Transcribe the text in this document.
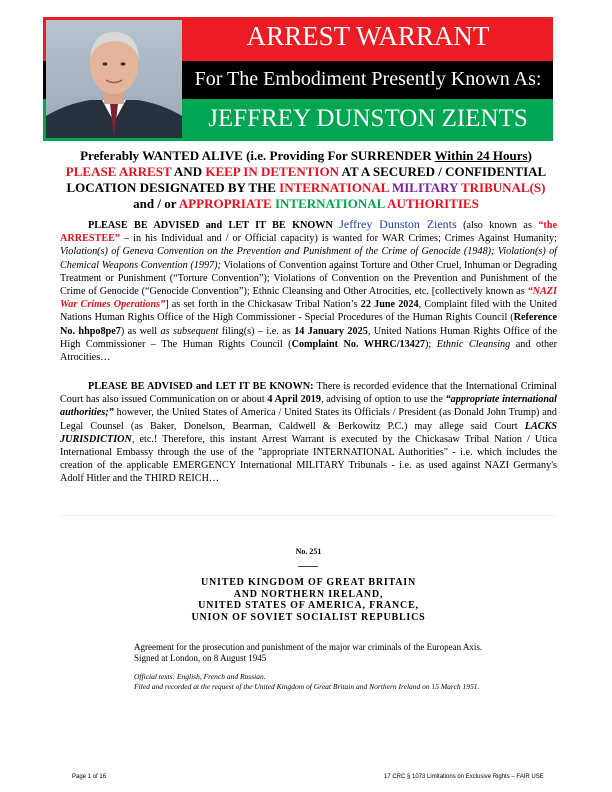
ARREST WARRANT
For The Embodiment Presently Known As:
JEFFREY DUNSTON ZIENTS
Preferably WANTED ALIVE (i.e. Providing For SURRENDER Within 24 Hours)
PLEASE ARREST AND KEEP IN DETENTION AT A SECURED / CONFIDENTIAL
LOCATION DESIGNATED BY THE INTERNATIONAL MILITARY TRIBUNAL(S)
and / or APPROPRIATE INTERNATIONAL AUTHORITIES
PLEASE BE ADVISED and LET IT BE KNOWN Jeffrey Dunston Zients (also known as “the ARRESTEE” – in his Individual and / or Official capacity) is wanted for WAR Crimes; Crimes Against Humanity; Violation(s) of Geneva Convention on the Prevention and Punishment of the Crime of Genocide (1948); Violation(s) of Chemical Weapons Convention (1997); Violations of Convention against Torture and Other Cruel, Inhuman or Degrading Treatment or Punishment (“Torture Convention”); Violations of Convention on the Prevention and Punishment of the Crime of Genocide (“Genocide Convention”); Ethnic Cleansing and Other Atrocities, etc. [collectively known as “NAZI War Crimes Operations”] as set forth in the Chickasaw Tribal Nation’s 22 June 2024, Complaint filed with the United Nations Human Rights Office of the High Commissioner - Special Procedures of the Human Rights Council (Reference No. hhpo8pe7) as well as subsequent filing(s) – i.e. as 14 January 2025, United Nations Human Rights Office of the High Commissioner – The Human Rights Council (Complaint No. WHRC/13427); Ethnic Cleansing and other Atrocities…
PLEASE BE ADVISED and LET IT BE KNOWN: There is recorded evidence that the International Criminal Court has also issued Communication on or about 4 April 2019, advising of option to use the “appropriate international authorities;” however, the United States of America / United States its Officials / President (as Donald John Trump) and Legal Counsel (as Baker, Donelson, Bearman, Caldwell & Berkowitz P.C.) may allege said Court LACKS JURISDICTION, etc.! Therefore, this instant Arrest Warrant is executed by the Chickasaw Tribal Nation / Utica International Embassy through the use of the "appropriate INTERNATIONAL Authorities" - i.e. which includes the creation of the applicable EMERGENCY International MILITARY Tribunals - i.e. as used against NAZI Germany's Adolf Hitler and the THIRD REICH…
No. 251
UNITED KINGDOM OF GREAT BRITAIN
AND NORTHERN IRELAND,
UNITED STATES OF AMERICA, FRANCE,
UNION OF SOVIET SOCIALIST REPUBLICS
Agreement for the prosecution and punishment of the major war criminals of the European Axis. Signed at London, on 8 August 1945
Official texts: English, French and Russian.
Filed and recorded at the request of the United Kingdom of Great Britain and Northern Ireland on 15 March 1951.
Page 1 of 16	17 CRC § 1073 Limitations on Exclusive Rights – FAIR USE
